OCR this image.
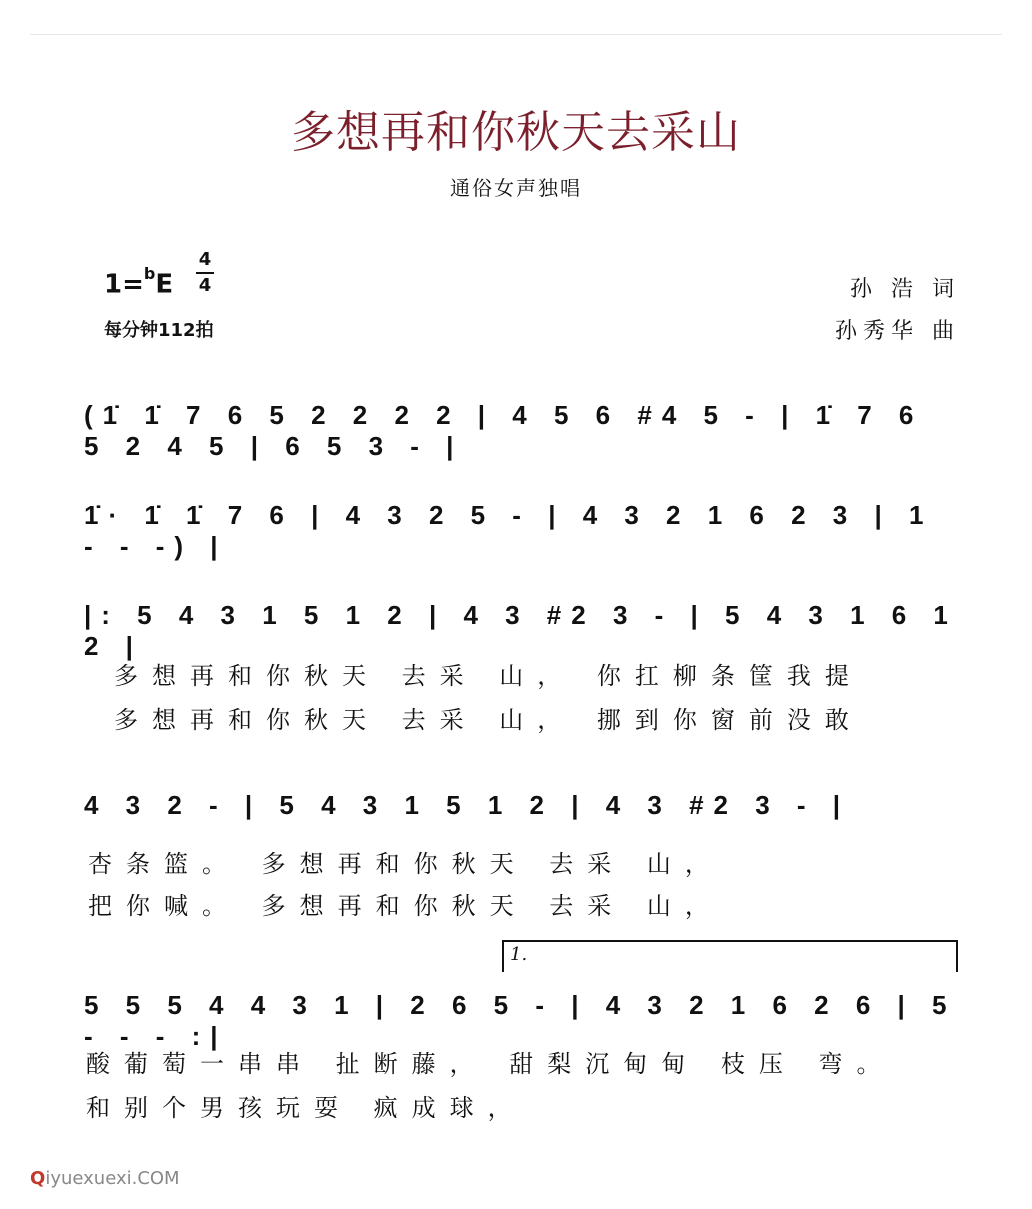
多想再和你秋天去采山
通俗女声独唱
1=$^b$E
4
4
每分钟112拍
孙 浩 词
孙秀华 曲
(1̇ 1̇ 7 6 5 2 2 2 2 | 4 5 6 #4 5 - | 1̇ 7 6 5 2 4 5 | 6 5 3 - |
1̇· 1̇ 1̇ 7 6 | 4 3 2 5 - | 4 3 2 1 6 2 3 | 1 - - -) |
|: 5 4 3 1 5 1 2 | 4 3 #2 3 - | 5 4 3 1 6 1 2 |
多想再和你秋天 去采 山， 你扛柳条筐我提
多想再和你秋天 去采 山， 挪到你窗前没敢
4 3 2 - | 5 4 3 1 5 1 2 | 4 3 #2 3 - |
杏条篮。 多想再和你秋天 去采 山，
把你喊。 多想再和你秋天 去采 山，
1.
5 5 5 4 4 3 1 | 2 6 5 - | 4 3 2 1 6 2 6 | 5 - - - :|
酸葡萄一串串 扯断藤， 甜梨沉甸甸 枝压 弯。
和别个男孩玩耍 疯成球，
Qiyuexuexi.COM
